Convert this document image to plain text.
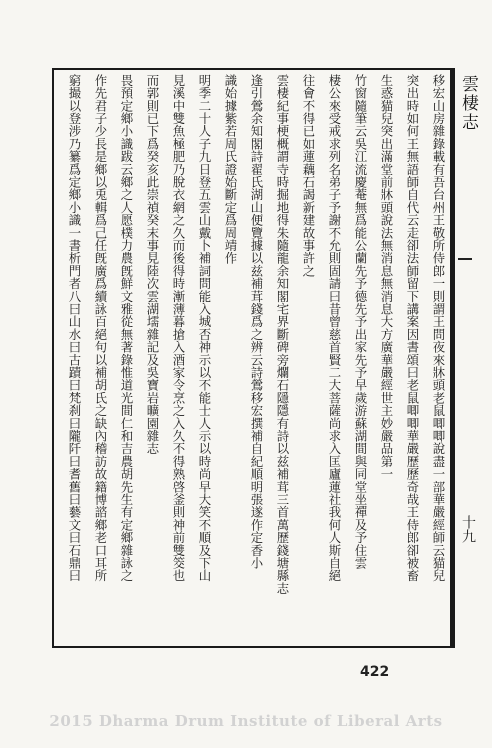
雲棲志
十九
移宏山房雜錄載有吾台州王敬所侍郎一則謂王問夜來牀頭老鼠唧唧說盡一部華嚴經師云猫兒
突出時如何王無語師自代云走卻法師留下講案因書頌曰老鼠唧唧華嚴歷歷奇哉王侍郎卻被畜
生惑猫兒突出滿堂前牀頭說法無消息無消息大方廣華嚴經世主妙嚴品第一
竹窗隨筆云吳江流慶菴無爲能公蘭先予德先予出家先予早歲游蘇湖間與同堂坐禪及予住雲
棲公來受戒求列名弟子予謝不允則固請曰昔曾慈首賢二大菩薩尚求入匡廬蓮社我何人斯自絕
往會不得已如蓮藕石謁新建故事許之
雲棲紀事梗概謂寺時掘地得朱隨龍余知閣宅界斷碑旁爛石隱隱有詩以兹補茸三首萬歷錢塘縣志
逢引鶯余知閣詩翟氏湖山便覽據以兹補茸錢爲之辨云詩鶯移宏撰補自紀順明張遂作定香小
識始據紫若周氏證始斷定爲周靖作
明季二十人子九日登五雲山戴卜補詞問能入城否神示以不能士人示以時尚早大笑不順及下山
見溪中雙魚極肥乃脫衣網之久而後得時漸薄暮搶入酒家令烹之入久不得熟啓釜則神前雙筊也
而郭則已下爲癸亥此崇禎癸末事見陸次雲湖壖雜記及吳寶岩曠園雜志
畏預定鄉小識跋云鄉之人愿樸力農旣鮮文雅從無著錄惟道光間仁和吉農胡先生有定鄉雜詠之
作先君子少長是鄉以兎輯爲己任旣廣爲續詠百絕句以補胡氏之缺內稽訪故籍博諮鄉老口耳所
窮撮以登涉乃纂爲定鄉小識一書析門者八曰山水曰古蹟曰梵刹曰隴阡曰耆舊曰藝文曰石鼎曰
422
2015 Dharma Drum Institute of Liberal Arts
